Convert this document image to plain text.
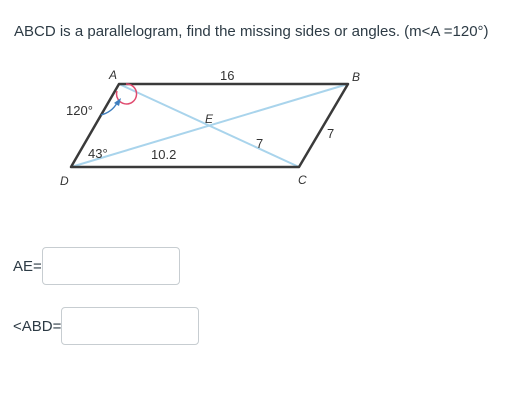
ABCD is a parallelogram, find the missing sides or angles. (m<A =120°)
A	B
C
D
E
16
7
7
10.2
120°
43°
AE=
<ABD=
